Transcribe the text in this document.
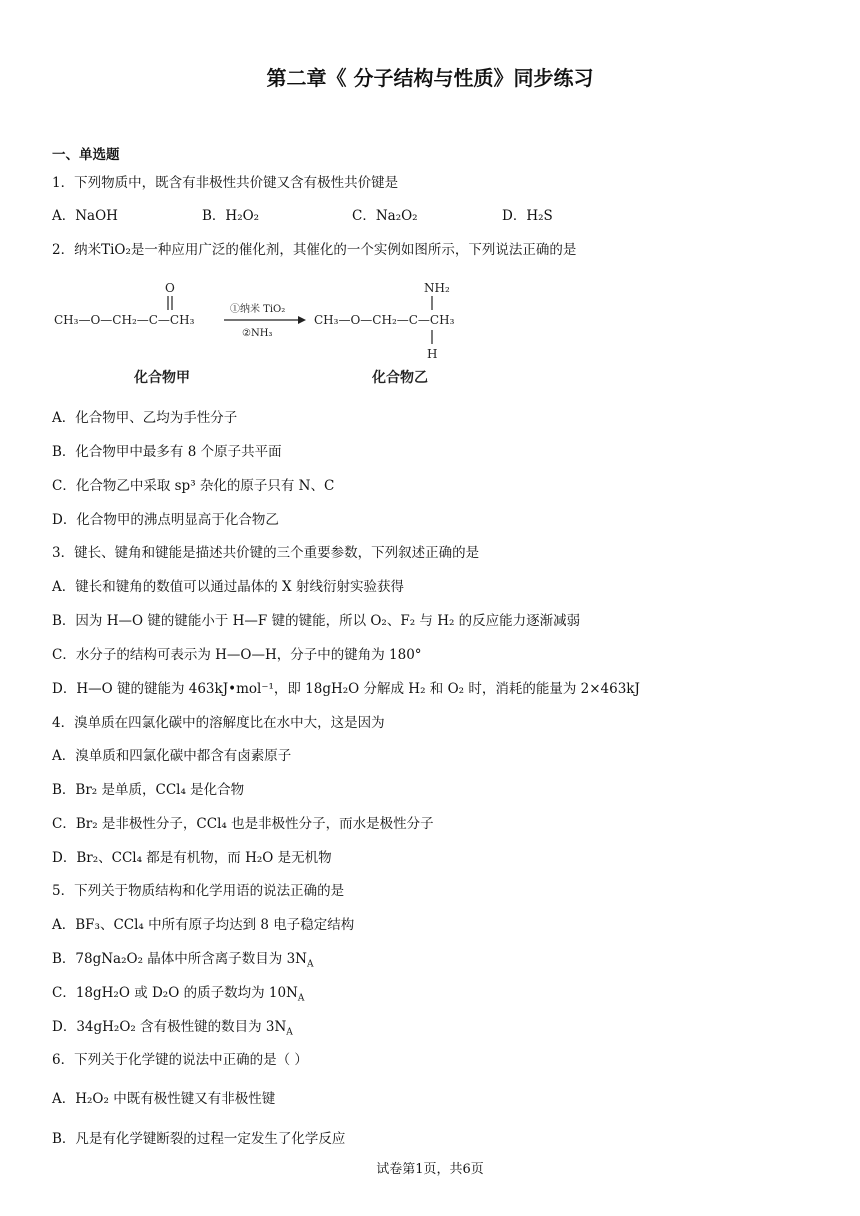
第二章《 分子结构与性质》同步练习
一、单选题
1．下列物质中，既含有非极性共价键又含有极性共价键是
A．NaOH	B．H₂O₂	C．Na₂O₂	D．H₂S
2．纳米TiO₂是一种应用广泛的催化剂，其催化的一个实例如图所示，下列说法正确的是
O
CH₃—O—CH₂—C—CH₃
①纳米 TiO₂
②NH₃
NH₂
CH₃—O—CH₂—C—CH₃
H
化合物甲	化合物乙
A．化合物甲、乙均为手性分子
B．化合物甲中最多有 8 个原子共平面
C．化合物乙中采取 sp³ 杂化的原子只有 N、C
D．化合物甲的沸点明显高于化合物乙
3．键长、键角和键能是描述共价键的三个重要参数，下列叙述正确的是
A．键长和键角的数值可以通过晶体的 X 射线衍射实验获得
B．因为 H—O 键的键能小于 H—F 键的键能，所以 O₂、F₂ 与 H₂ 的反应能力逐渐减弱
C．水分子的结构可表示为 H—O—H，分子中的键角为 180°
D．H—O 键的键能为 463kJ•mol⁻¹，即 18gH₂O 分解成 H₂ 和 O₂ 时，消耗的能量为 2×463kJ
4．溴单质在四氯化碳中的溶解度比在水中大，这是因为
A．溴单质和四氯化碳中都含有卤素原子
B．Br₂ 是单质，CCl₄ 是化合物
C．Br₂ 是非极性分子，CCl₄ 也是非极性分子，而水是极性分子
D．Br₂、CCl₄ 都是有机物，而 H₂O 是无机物
5．下列关于物质结构和化学用语的说法正确的是
A．BF₃、CCl₄ 中所有原子均达到 8 电子稳定结构
B．78gNa₂O₂ 晶体中所含离子数目为 $3N_A$
C．18gH₂O 或 D₂O 的质子数均为 $10N_A$
D．34gH₂O₂ 含有极性键的数目为 $3N_A$
6．下列关于化学键的说法中正确的是（ ）
A．H₂O₂ 中既有极性键又有非极性键
B．凡是有化学键断裂的过程一定发生了化学反应
试卷第1页，共6页
